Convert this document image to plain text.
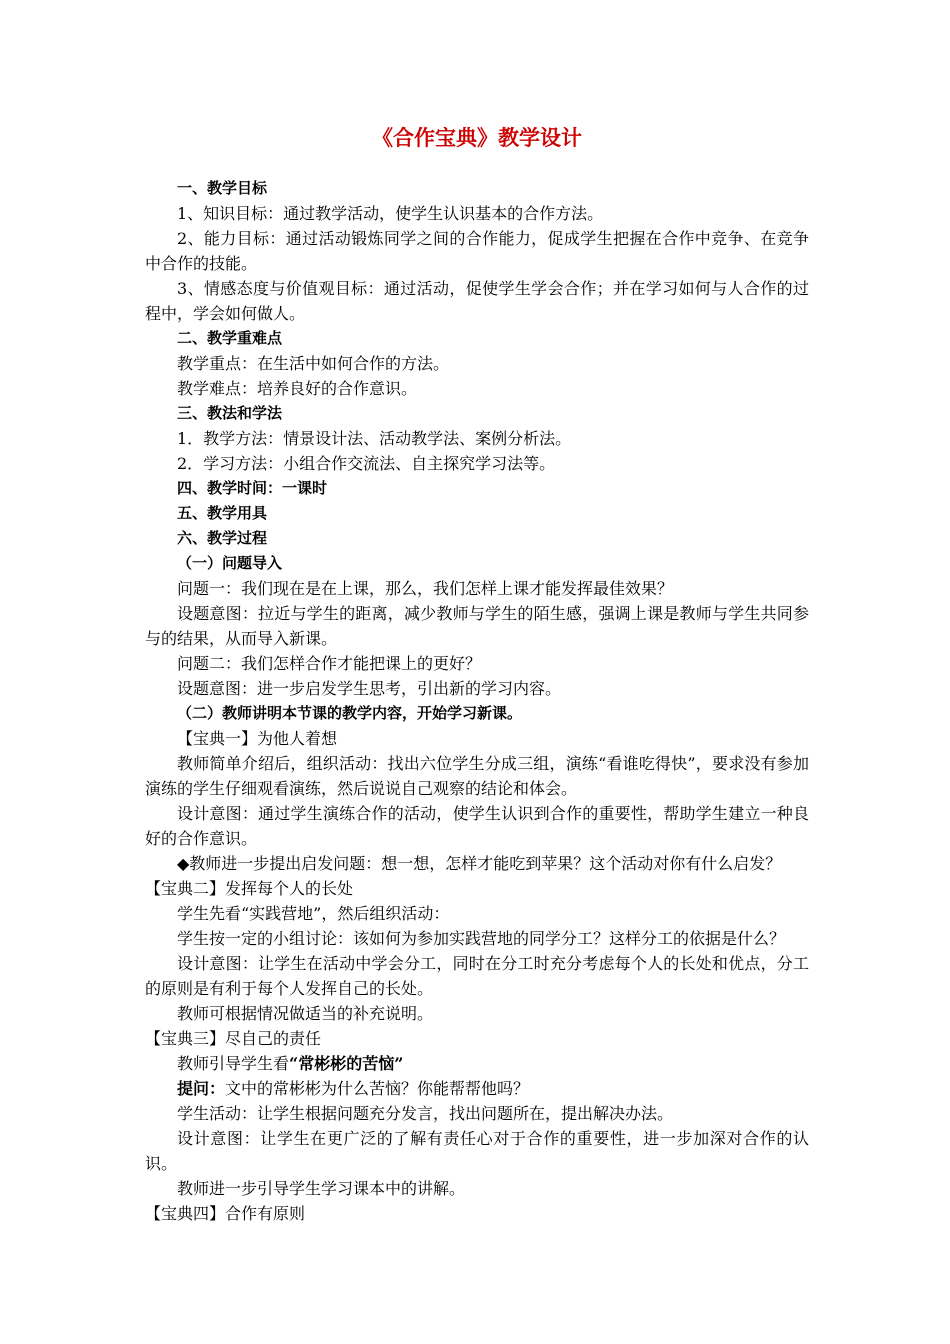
《合作宝典》教学设计
一、教学目标
1、知识目标：通过教学活动，使学生认识基本的合作方法。
2、能力目标：通过活动锻炼同学之间的合作能力，促成学生把握在合作中竞争、在竞争中合作的技能。
3、情感态度与价值观目标：通过活动，促使学生学会合作；并在学习如何与人合作的过程中，学会如何做人。
二、教学重难点
教学重点：在生活中如何合作的方法。
教学难点：培养良好的合作意识。
三、教法和学法
1．教学方法：情景设计法、活动教学法、案例分析法。
2．学习方法：小组合作交流法、自主探究学习法等。
四、教学时间：一课时
五、教学用具
六、教学过程
（一）问题导入
问题一：我们现在是在上课，那么，我们怎样上课才能发挥最佳效果？
设题意图：拉近与学生的距离，减少教师与学生的陌生感，强调上课是教师与学生共同参与的结果，从而导入新课。
问题二：我们怎样合作才能把课上的更好？
设题意图：进一步启发学生思考，引出新的学习内容。
（二）教师讲明本节课的教学内容，开始学习新课。
【宝典一】为他人着想
教师简单介绍后，组织活动：找出六位学生分成三组，演练“看谁吃得快”，要求没有参加演练的学生仔细观看演练，然后说说自己观察的结论和体会。
设计意图：通过学生演练合作的活动，使学生认识到合作的重要性，帮助学生建立一种良好的合作意识。
◆教师进一步提出启发问题：想一想，怎样才能吃到苹果？这个活动对你有什么启发？
【宝典二】发挥每个人的长处
学生先看“实践营地”，然后组织活动：
学生按一定的小组讨论：该如何为参加实践营地的同学分工？这样分工的依据是什么？
设计意图：让学生在活动中学会分工，同时在分工时充分考虑每个人的长处和优点，分工的原则是有利于每个人发挥自己的长处。
教师可根据情况做适当的补充说明。
【宝典三】尽自己的责任
教师引导学生看“常彬彬的苦恼”
提问：文中的常彬彬为什么苦恼？你能帮帮他吗？
学生活动：让学生根据问题充分发言，找出问题所在，提出解决办法。
设计意图：让学生在更广泛的了解有责任心对于合作的重要性，进一步加深对合作的认识。
教师进一步引导学生学习课本中的讲解。
【宝典四】合作有原则
